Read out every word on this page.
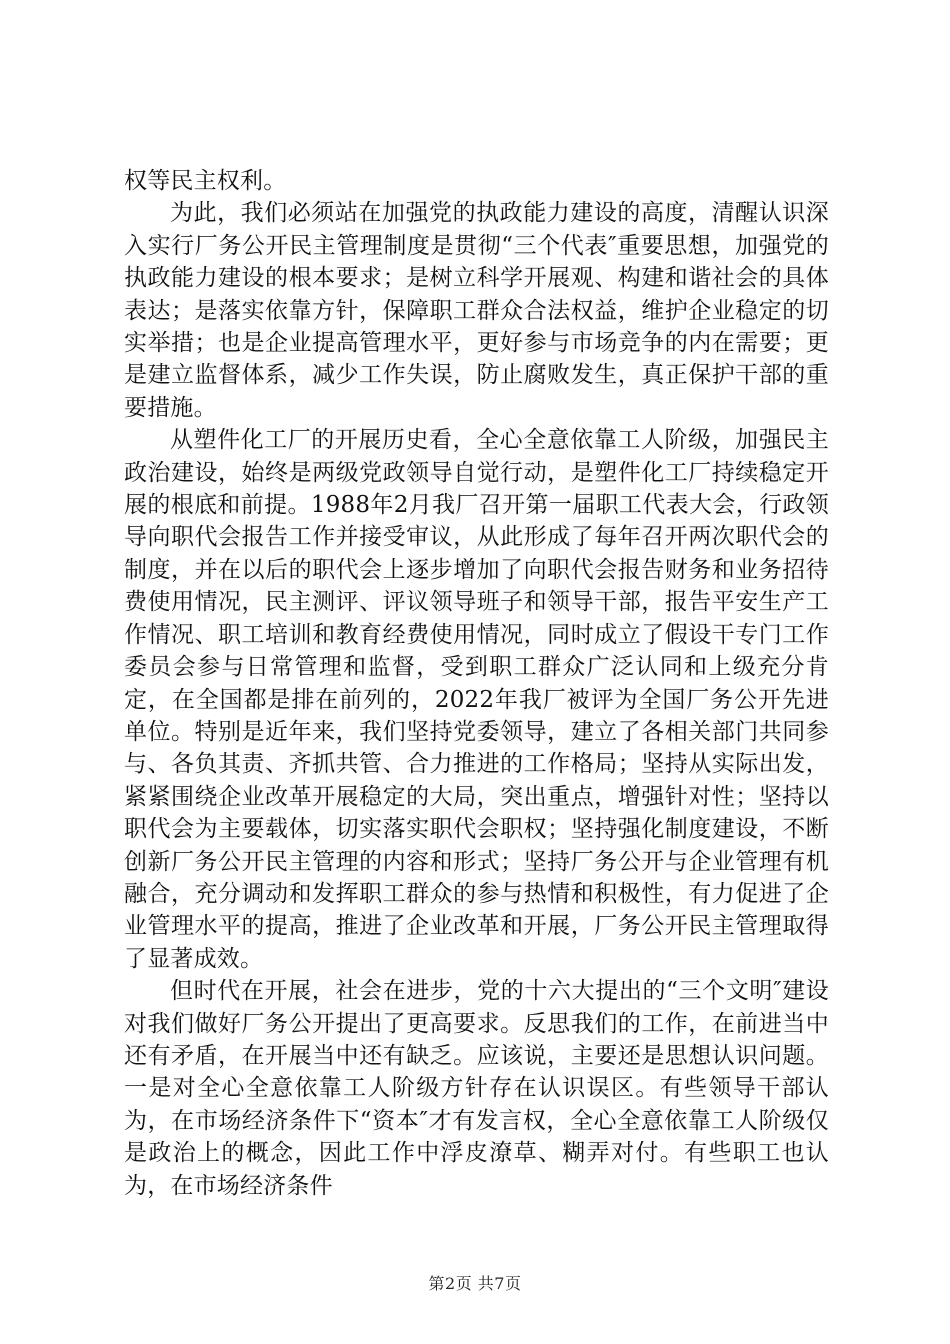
权等民主权利。

为此，我们必须站在加强党的执政能力建设的高度，清醒认识深入实行厂务公开民主管理制度是贯彻“三个代表″重要思想，加强党的执政能力建设的根本要求；是树立科学开展观、构建和谐社会的具体表达；是落实依靠方针，保障职工群众合法权益，维护企业稳定的切实举措；也是企业提高管理水平，更好参与市场竞争的内在需要；更是建立监督体系，减少工作失误，防止腐败发生，真正保护干部的重要措施。

从塑件化工厂的开展历史看，全心全意依靠工人阶级，加强民主政治建设，始终是两级党政领导自觉行动，是塑件化工厂持续稳定开展的根底和前提。1988年2月我厂召开第一届职工代表大会，行政领导向职代会报告工作并接受审议，从此形成了每年召开两次职代会的制度，并在以后的职代会上逐步增加了向职代会报告财务和业务招待费使用情况，民主测评、评议领导班子和领导干部，报告平安生产工作情况、职工培训和教育经费使用情况，同时成立了假设干专门工作委员会参与日常管理和监督，受到职工群众广泛认同和上级充分肯定，在全国都是排在前列的，2022年我厂被评为全国厂务公开先进单位。特别是近年来，我们坚持党委领导，建立了各相关部门共同参与、各负其责、齐抓共管、合力推进的工作格局；坚持从实际出发，紧紧围绕企业改革开展稳定的大局，突出重点，增强针对性；坚持以职代会为主要载体，切实落实职代会职权；坚持强化制度建设，不断创新厂务公开民主管理的内容和形式；坚持厂务公开与企业管理有机融合，充分调动和发挥职工群众的参与热情和积极性，有力促进了企业管理水平的提高，推进了企业改革和开展，厂务公开民主管理取得了显著成效。

但时代在开展，社会在进步，党的十六大提出的“三个文明″建设对我们做好厂务公开提出了更高要求。反思我们的工作，在前进当中还有矛盾，在开展当中还有缺乏。应该说，主要还是思想认识问题。一是对全心全意依靠工人阶级方针存在认识误区。有些领导干部认为，在市场经济条件下“资本″才有发言权，全心全意依靠工人阶级仅是政治上的概念，因此工作中浮皮潦草、糊弄对付。有些职工也认为，在市场经济条件

第2页 共7页
